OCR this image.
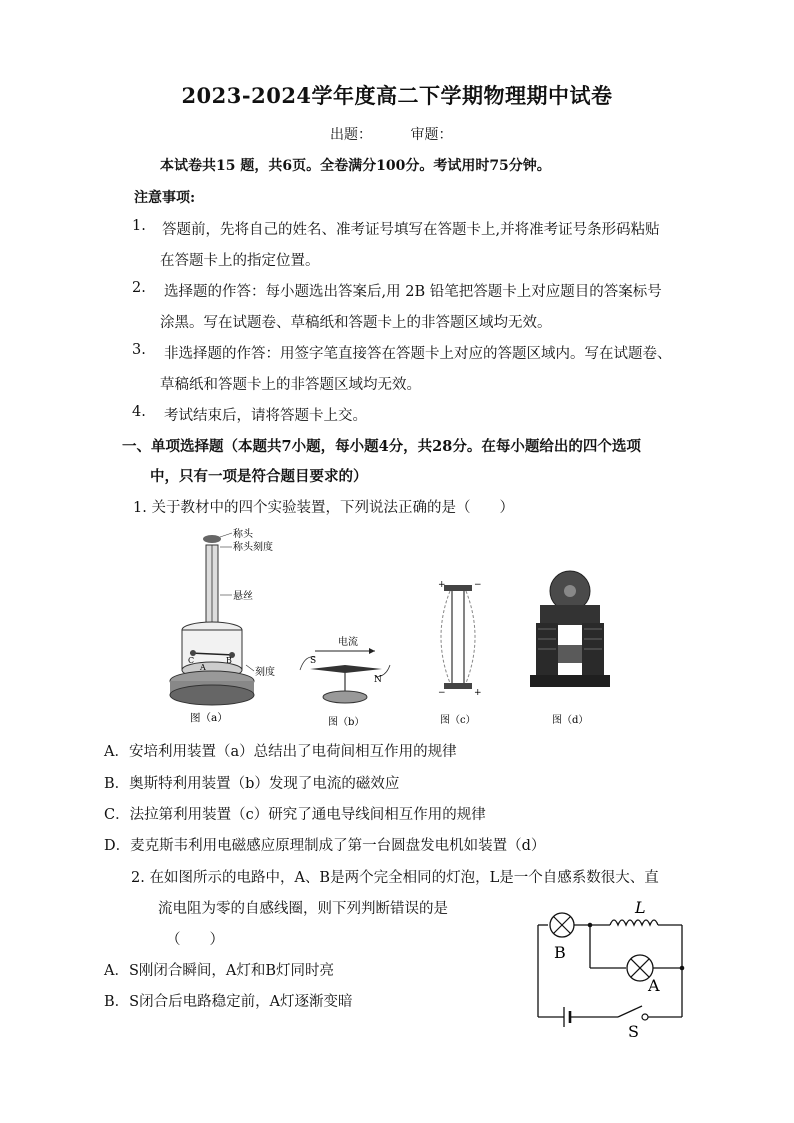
2023-2024学年度高二下学期物理期中试卷
出题：	审题：
本试卷共15 题，共6页。全卷满分100分。考试用时75分钟。
注意事项:
1. 答题前，先将自己的姓名、准考证号填写在答题卡上,并将准考证号条形码粘贴
在答题卡上的指定位置。
2. 选择题的作答：每小题选出答案后,用 2B 铅笔把答题卡上对应题目的答案标号
涂黑。写在试题卷、草稿纸和答题卡上的非答题区域均无效。
3. 非选择题的作答：用签字笔直接答在答题卡上对应的答题区域内。写在试题卷、
草稿纸和答题卡上的非答题区域均无效。
4. 考试结束后，请将答题卡上交。
一、单项选择题（本题共7小题，每小题4分，共28分。在每小题给出的四个选项
中，只有一项是符合题目要求的）
1. 关于教材中的四个实验装置，下列说法正确的是（　　）
称头
称头刻度
悬丝
刻度
A
B
C
图（a）
电流
S
N
图（b）
+	−
−	+
图（c）	图（d）
A．安培利用装置（a）总结出了电荷间相互作用的规律
B．奥斯特利用装置（b）发现了电流的磁效应
C．法拉第利用装置（c）研究了通电导线间相互作用的规律
D．麦克斯韦利用电磁感应原理制成了第一台圆盘发电机如装置（d）
2. 在如图所示的电路中，A、B是两个完全相同的灯泡，L是一个自感系数很大、直
流电阻为零的自感线圈，则下列判断错误的是
（　　）
A．S刚闭合瞬间，A灯和B灯同时亮
B．S闭合后电路稳定前，A灯逐渐变暗
L
B
A
S
